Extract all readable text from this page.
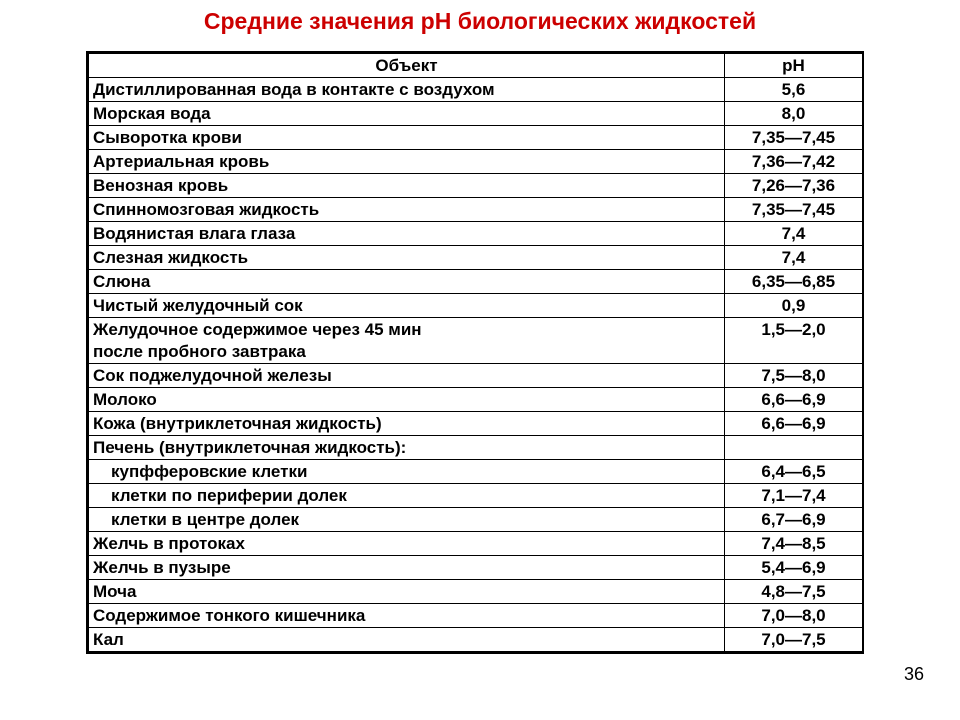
Средние значения pH биологических жидкостей
Объект	pH
Дистиллированная вода в контакте с воздухом	5,6
Морская вода	8,0
Сыворотка крови	7,35—7,45
Артериальная кровь	7,36—7,42
Венозная кровь	7,26—7,36
Спинномозговая жидкость	7,35—7,45
Водянистая влага глаза	7,4
Слезная жидкость	7,4
Слюна	6,35—6,85
Чистый желудочный сок	0,9

Желудочное содержимое через 45 мин
после пробного завтрака	1,5—2,0
Сок поджелудочной железы	7,5—8,0
Молоко	6,6—6,9
Кожа (внутриклеточная жидкость)	6,6—6,9
Печень (внутриклеточная жидкость):	
купфферовские клетки	6,4—6,5
клетки по периферии долек	7,1—7,4
клетки в центре долек	6,7—6,9
Желчь в протоках	7,4—8,5
Желчь в пузыре	5,4—6,9
Моча	4,8—7,5
Содержимое тонкого кишечника	7,0—8,0
Кал	7,0—7,5
36
